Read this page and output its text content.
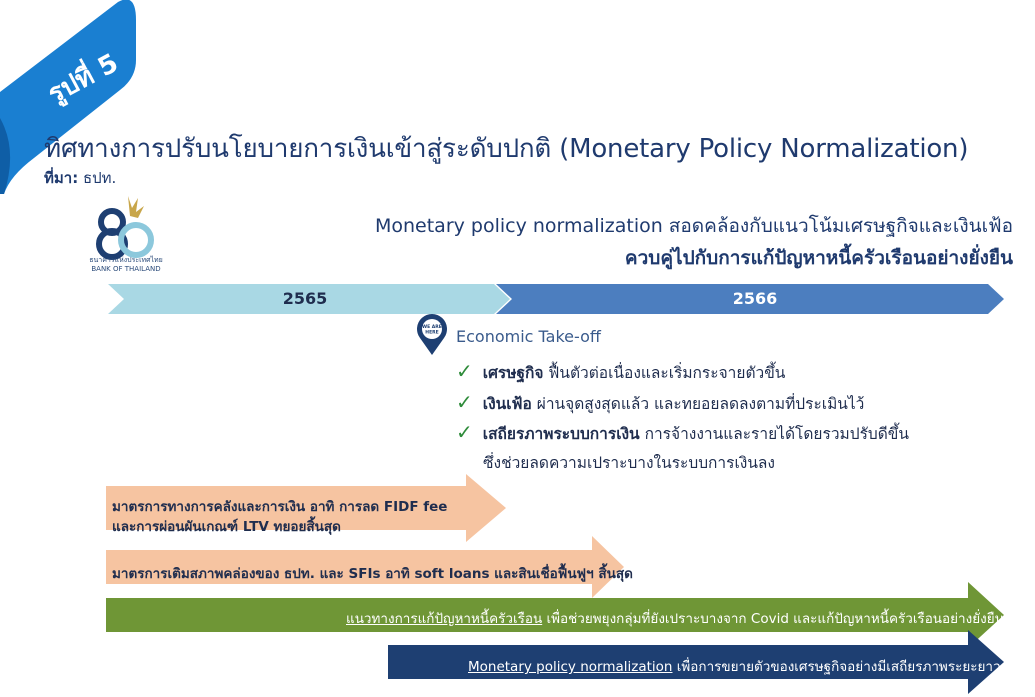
รูปที่ 5
ทิศทางการปรับนโยบายการเงินเข้าสู่ระดับปกติ (Monetary Policy Normalization)
ที่มา: ธปท.
ธนาคารแห่งประเทศไทย
BANK OF THAILAND
Monetary policy normalization สอดคล้องกับแนวโน้มเศรษฐกิจและเงินเฟ้อ
ควบคู่ไปกับการแก้ปัญหาหนี้ครัวเรือนอย่างยั่งยืน
2565	2566
WE ARE
HERE Economic Take-off
✓ เศรษฐกิจ ฟื้นตัวต่อเนื่องและเริ่มกระจายตัวขึ้น
✓ เงินเฟ้อ ผ่านจุดสูงสุดแล้ว และทยอยลดลงตามที่ประเมินไว้
✓ เสถียรภาพระบบการเงิน การจ้างงานและรายได้โดยรวมปรับดีขึ้น
ซึ่งช่วยลดความเปราะบางในระบบการเงินลง
มาตรการทางการคลังและการเงิน อาทิ การลด FIDF fee
และการผ่อนผันเกณฑ์ LTV ทยอยสิ้นสุด
มาตรการเติมสภาพคล่องของ ธปท. และ SFIs อาทิ soft loans และสินเชื่อฟื้นฟูฯ สิ้นสุด
แนวทางการแก้ปัญหาหนี้ครัวเรือน เพื่อช่วยพยุงกลุ่มที่ยังเปราะบางจาก Covid และแก้ปัญหาหนี้ครัวเรือนอย่างยั่งยืน
Monetary policy normalization เพื่อการขยายตัวของเศรษฐกิจอย่างมีเสถียรภาพระยะยาว
